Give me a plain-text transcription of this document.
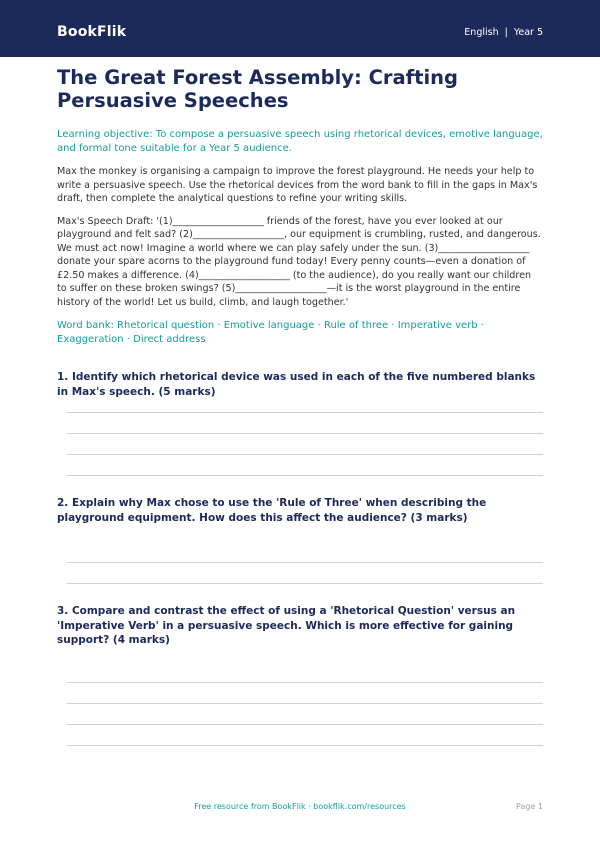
BookFlik	English | Year 5
The Great Forest Assembly: Crafting Persuasive Speeches
Learning objective: To compose a persuasive speech using rhetorical devices, emotive language, and formal tone suitable for a Year 5 audience.
Max the monkey is organising a campaign to improve the forest playground. He needs your help to write a persuasive speech. Use the rhetorical devices from the word bank to fill in the gaps in Max's draft, then complete the analytical questions to refine your writing skills.
Max's Speech Draft: '(1)___________________ friends of the forest, have you ever looked at our playground and felt sad? (2)___________________, our equipment is crumbling, rusted, and dangerous. We must act now! Imagine a world where we can play safely under the sun. (3)___________________ donate your spare acorns to the playground fund today! Every penny counts—even a donation of £2.50 makes a difference. (4)___________________ (to the audience), do you really want our children to suffer on these broken swings? (5)___________________—it is the worst playground in the entire history of the world! Let us build, climb, and laugh together.'
Word bank: Rhetorical question · Emotive language · Rule of three · Imperative verb · Exaggeration · Direct address
1. Identify which rhetorical device was used in each of the five numbered blanks in Max's speech. (5 marks)
2. Explain why Max chose to use the 'Rule of Three' when describing the playground equipment. How does this affect the audience? (3 marks)
3. Compare and contrast the effect of using a 'Rhetorical Question' versus an 'Imperative Verb' in a persuasive speech. Which is more effective for gaining support? (4 marks)
Free resource from BookFlik · bookflik.com/resources	Page 1
